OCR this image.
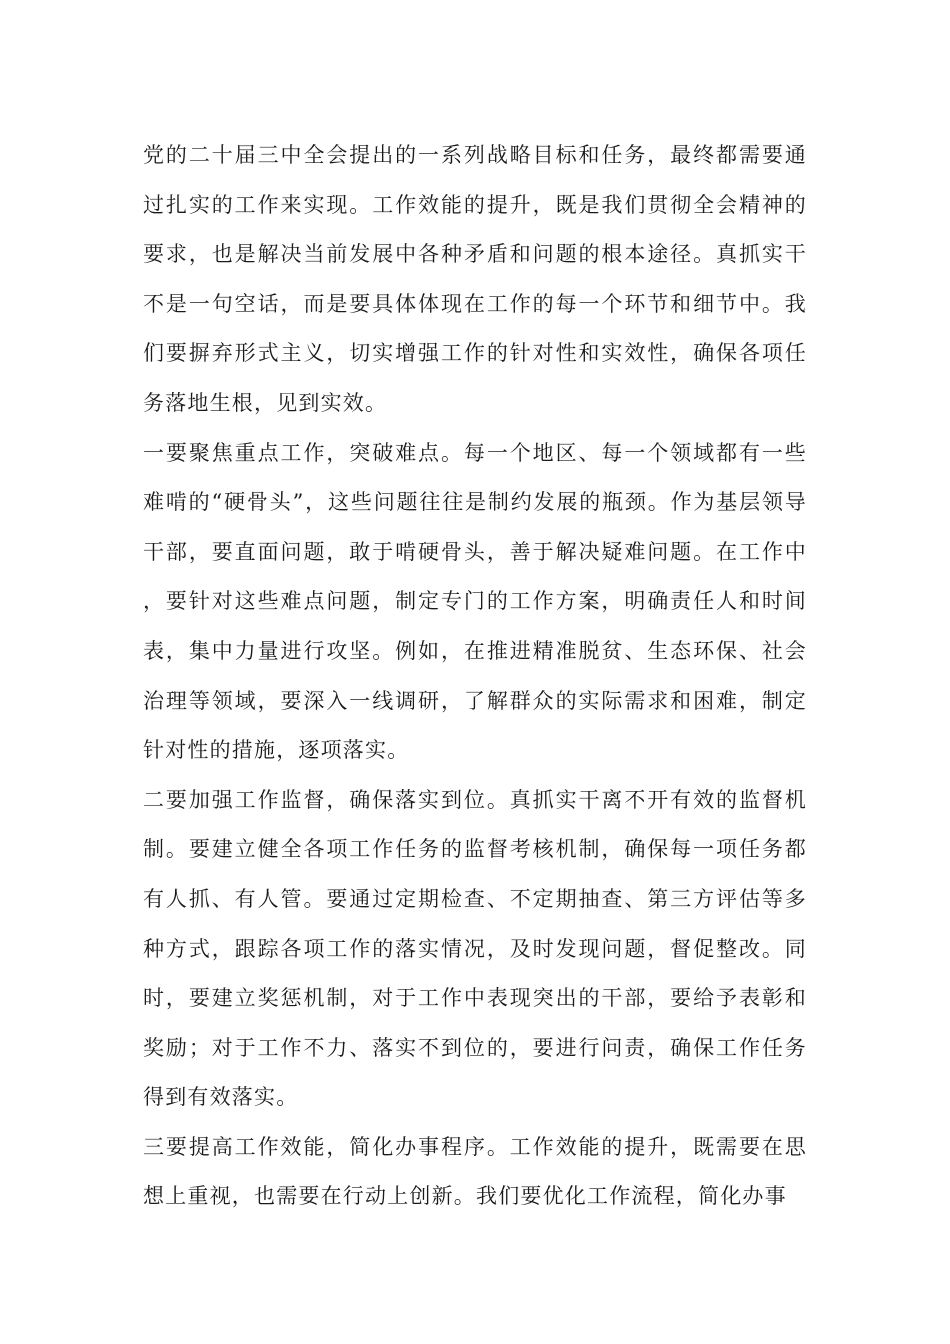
党的二十届三中全会提出的一系列战略目标和任务，最终都需要通过扎实的工作来实现。工作效能的提升，既是我们贯彻全会精神的要求，也是解决当前发展中各种矛盾和问题的根本途径。真抓实干不是一句空话，而是要具体体现在工作的每一个环节和细节中。我们要摒弃形式主义，切实增强工作的针对性和实效性，确保各项任务落地生根，见到实效。

一要聚焦重点工作，突破难点。每一个地区、每一个领域都有一些难啃的“硬骨头”，这些问题往往是制约发展的瓶颈。作为基层领导干部，要直面问题，敢于啃硬骨头，善于解决疑难问题。在工作中，要针对这些难点问题，制定专门的工作方案，明确责任人和时间表，集中力量进行攻坚。例如，在推进精准脱贫、生态环保、社会治理等领域，要深入一线调研，了解群众的实际需求和困难，制定针对性的措施，逐项落实。

二要加强工作监督，确保落实到位。真抓实干离不开有效的监督机制。要建立健全各项工作任务的监督考核机制，确保每一项任务都有人抓、有人管。要通过定期检查、不定期抽查、第三方评估等多种方式，跟踪各项工作的落实情况，及时发现问题，督促整改。同时，要建立奖惩机制，对于工作中表现突出的干部，要给予表彰和奖励；对于工作不力、落实不到位的，要进行问责，确保工作任务得到有效落实。

三要提高工作效能，简化办事程序。工作效能的提升，既需要在思想上重视，也需要在行动上创新。我们要优化工作流程，简化办事
